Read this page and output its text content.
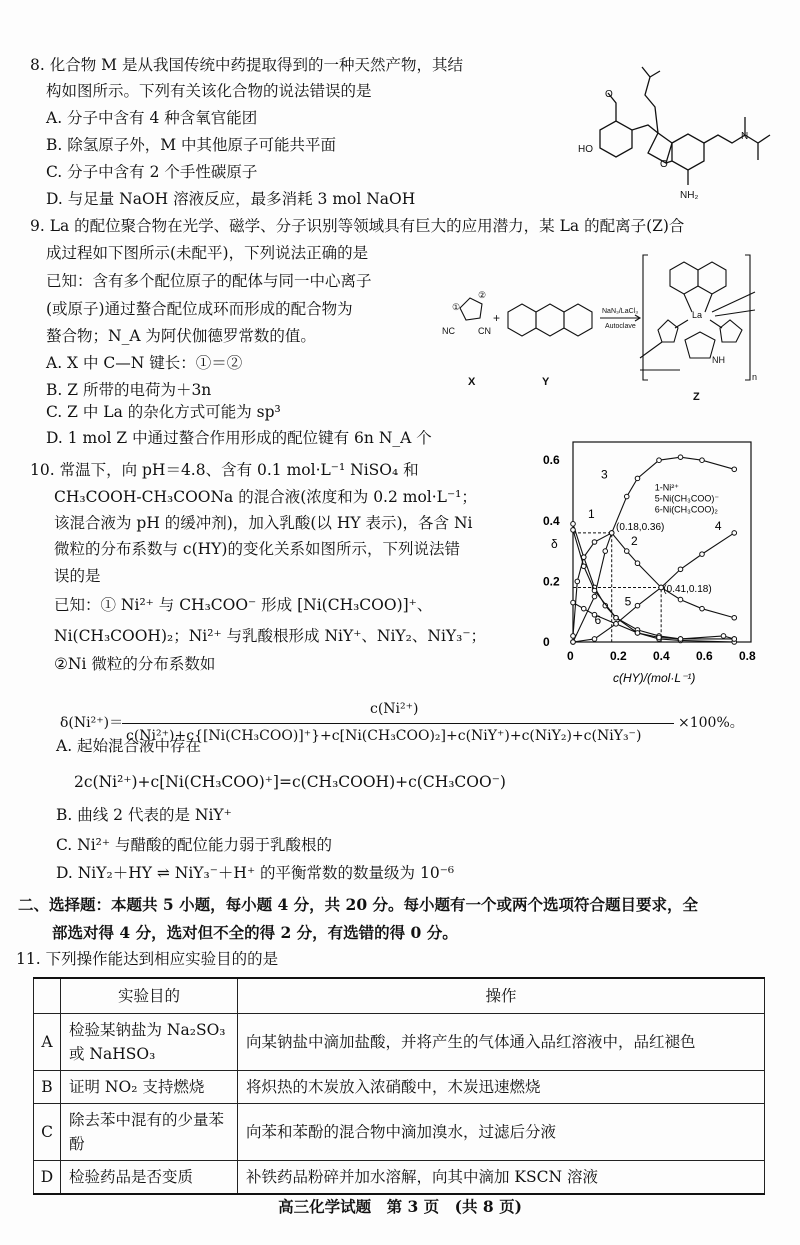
8. 化合物 M 是从我国传统中药提取得到的一种天然产物，其结
构如图所示。下列有关该化合物的说法错误的是
A. 分子中含有 4 种含氧官能团
B. 除氢原子外，M 中其他原子可能共平面
C. 分子中含有 2 个手性碳原子
D. 与足量 NaOH 溶液反应，最多消耗 3 mol NaOH
HO
NH₂
N
O
O
9. La 的配位聚合物在光学、磁学、分子识别等领域具有巨大的应用潜力，某 La 的配离子(Z)合
成过程如下图所示(未配平)，下列说法正确的是
已知：含有多个配位原子的配体与同一中心离子
(或原子)通过螯合配位成环而形成的配合物为
螯合物；N_A 为阿伏伽德罗常数的值。
A. X 中 C—N 键长：①＝②
B. Z 所带的电荷为＋3n
C. Z 中 La 的杂化方式可能为 sp³
D. 1 mol Z 中通过螯合作用形成的配位键有 6n N_A 个
NC	CN
①
②
+	NaN₃/LaCl₃
Autoclave
La
NH
n
X	Y
Z
10. 常温下，向 pH＝4.8、含有 0.1 mol·L⁻¹ NiSO₄ 和
CH₃COOH-CH₃COONa 的混合液(浓度和为 0.2 mol·L⁻¹；
该混合液为 pH 的缓冲剂)，加入乳酸(以 HY 表示)，各含 Ni
微粒的分布系数与 c(HY)的变化关系如图所示，下列说法错
误的是
已知：① Ni²⁺ 与 CH₃COO⁻ 形成 [Ni(CH₃COO)]⁺、
Ni(CH₃COOH)₂；Ni²⁺ 与乳酸根形成 NiY⁺、NiY₂、NiY₃⁻；
②Ni 微粒的分布系数如	0	0.2 0.4 0.6 0.8
0
0.2
0.4
0.6
c(HY)/(mol·L⁻¹)
δ
1
2
3
4
5
6
1-Ni²⁺
5-Ni(CH₃COO)⁻
6-Ni(CH₃COO)₂
(0.18,0.36)
(0.41,0.18)
δ(Ni²⁺)＝
c(Ni²⁺)
c(Ni²⁺)+c{[Ni(CH₃COO)]⁺}+c[Ni(CH₃COO)₂]+c(NiY⁺)+c(NiY₂)+c(NiY₃⁻)
×100%。
A. 起始混合液中存在
2c(Ni²⁺)+c[Ni(CH₃COO)⁺]=c(CH₃COOH)+c(CH₃COO⁻)
B. 曲线 2 代表的是 NiY⁺
C. Ni²⁺ 与醋酸的配位能力弱于乳酸根的
D. NiY₂＋HY ⇌ NiY₃⁻＋H⁺ 的平衡常数的数量级为 10⁻⁶
二、选择题：本题共 5 小题，每小题 4 分，共 20 分。每小题有一个或两个选项符合题目要求，全
部选对得 4 分，选对但不全的得 2 分，有选错的得 0 分。
11. 下列操作能达到相应实验目的的是
	实验目的	操作
A	检验某钠盐为 Na₂SO₃ 或 NaHSO₃	向某钠盐中滴加盐酸，并将产生的气体通入品红溶液中，品红褪色
B	证明 NO₂ 支持燃烧	将炽热的木炭放入浓硝酸中，木炭迅速燃烧
C	除去苯中混有的少量苯酚	向苯和苯酚的混合物中滴加溴水，过滤后分液
D	检验药品是否变质	补铁药品粉碎并加水溶解，向其中滴加 KSCN 溶液
高三化学试题　第 3 页　(共 8 页)
